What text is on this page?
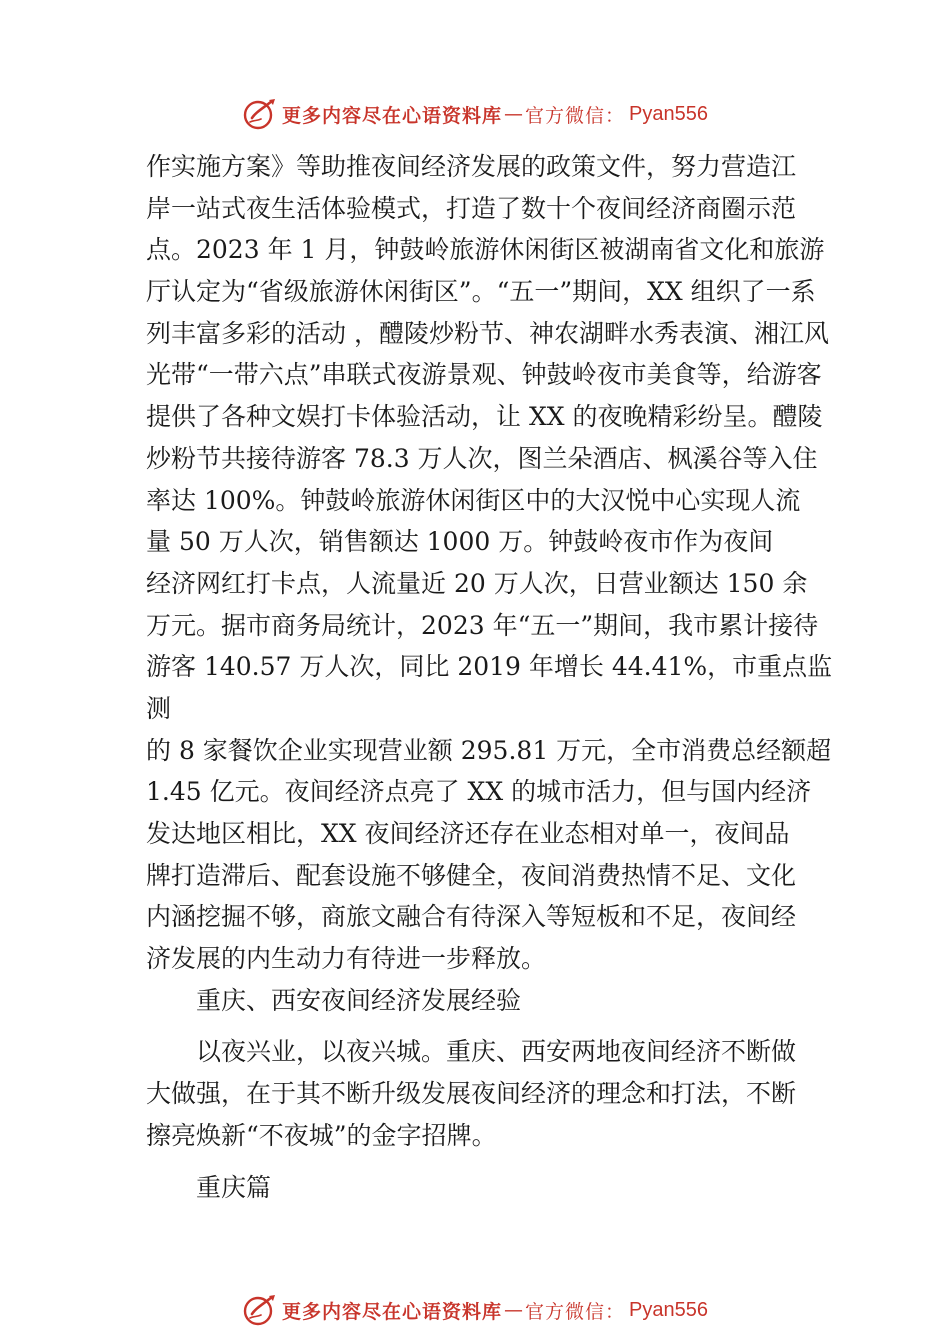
更多内容尽在心语资料库 — 官方微信： Pyan556
作实施方案》等助推夜间经济发展的政策文件，努力营造江
岸一站式夜生活体验模式，打造了数十个夜间经济商圈示范
点。2023 年 1 月，钟鼓岭旅游休闲街区被湖南省文化和旅游
厅认定为“省级旅游休闲街区”。“五一”期间，XX 组织了一系
列丰富多彩的活动 ，醴陵炒粉节、神农湖畔水秀表演、湘江风
光带“一带六点”串联式夜游景观、钟鼓岭夜市美食等，给游客
提供了各种文娱打卡体验活动，让 XX 的夜晚精彩纷呈。醴陵
炒粉节共接待游客 78.3 万人次，图兰朵酒店、枫溪谷等入住
率达 100%。钟鼓岭旅游休闲街区中的大汉悦中心实现人流
量 50 万人次，销售额达 1000 万。钟鼓岭夜市作为夜间
经济网红打卡点，人流量近 20 万人次，日营业额达 150 余
万元。据市商务局统计，2023 年“五一”期间，我市累计接待
游客 140.57 万人次，同比 2019 年增长 44.41%，市重点监
测
的 8 家餐饮企业实现营业额 295.81 万元，全市消费总经额超
1.45 亿元。夜间经济点亮了 XX 的城市活力，但与国内经济
发达地区相比，XX 夜间经济还存在业态相对单一，夜间品
牌打造滞后、配套设施不够健全，夜间消费热情不足、文化
内涵挖掘不够，商旅文融合有待深入等短板和不足，夜间经
济发展的内生动力有待进一步释放。
重庆、西安夜间经济发展经验
以夜兴业，以夜兴城。重庆、西安两地夜间经济不断做
大做强，在于其不断升级发展夜间经济的理念和打法，不断
擦亮焕新“不夜城”的金字招牌。
重庆篇
更多内容尽在心语资料库 — 官方微信： Pyan556
